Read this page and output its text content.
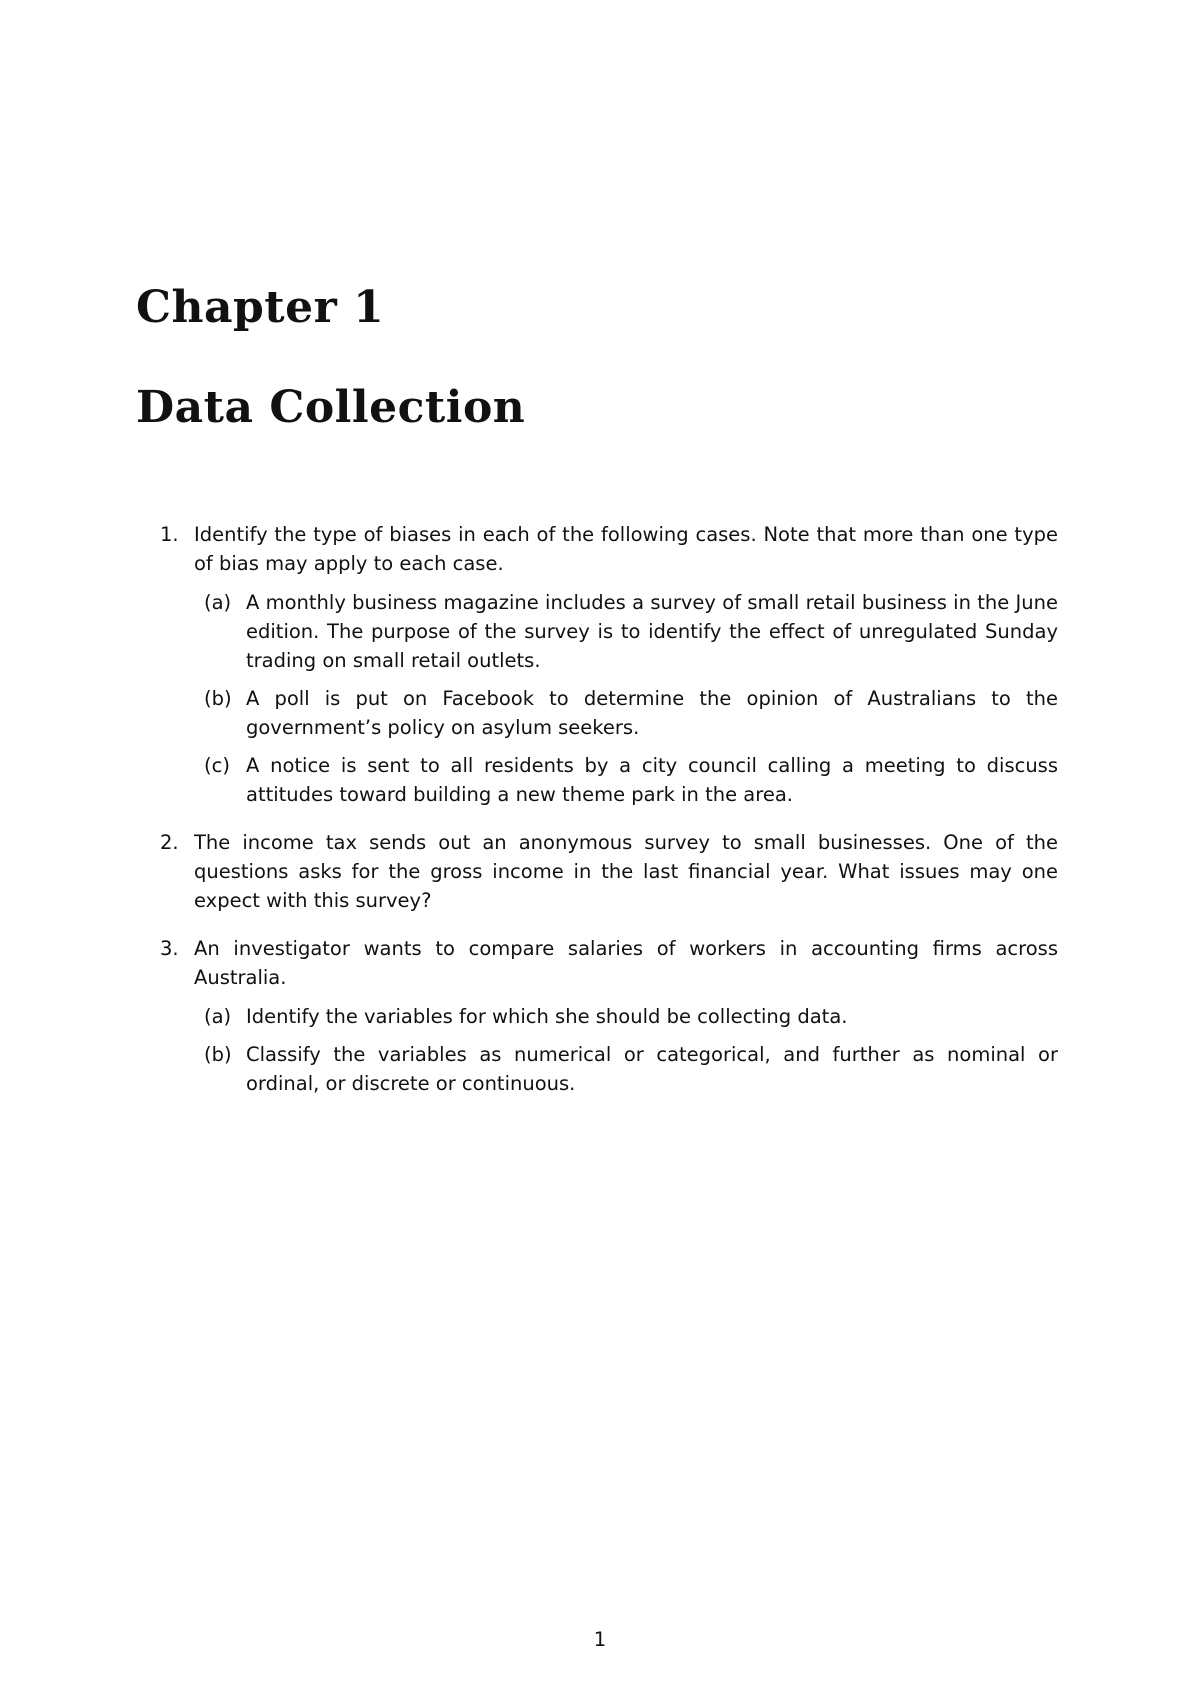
Chapter 1
Data Collection
1. Identify the type of biases in each of the following cases. Note that more than one type of bias may apply to each case.
(a) A monthly business magazine includes a survey of small retail business in the June edition. The purpose of the survey is to identify the effect of unregulated Sunday trading on small retail outlets.
(b) A poll is put on Facebook to determine the opinion of Australians to the government’s policy on asylum seekers.
(c) A notice is sent to all residents by a city council calling a meeting to discuss attitudes toward building a new theme park in the area.
2. The income tax sends out an anonymous survey to small businesses. One of the questions asks for the gross income in the last financial year. What issues may one expect with this survey?
3. An investigator wants to compare salaries of workers in accounting firms across Australia.
(a) Identify the variables for which she should be collecting data.
(b) Classify the variables as numerical or categorical, and further as nominal or ordinal, or discrete or continuous.
1
